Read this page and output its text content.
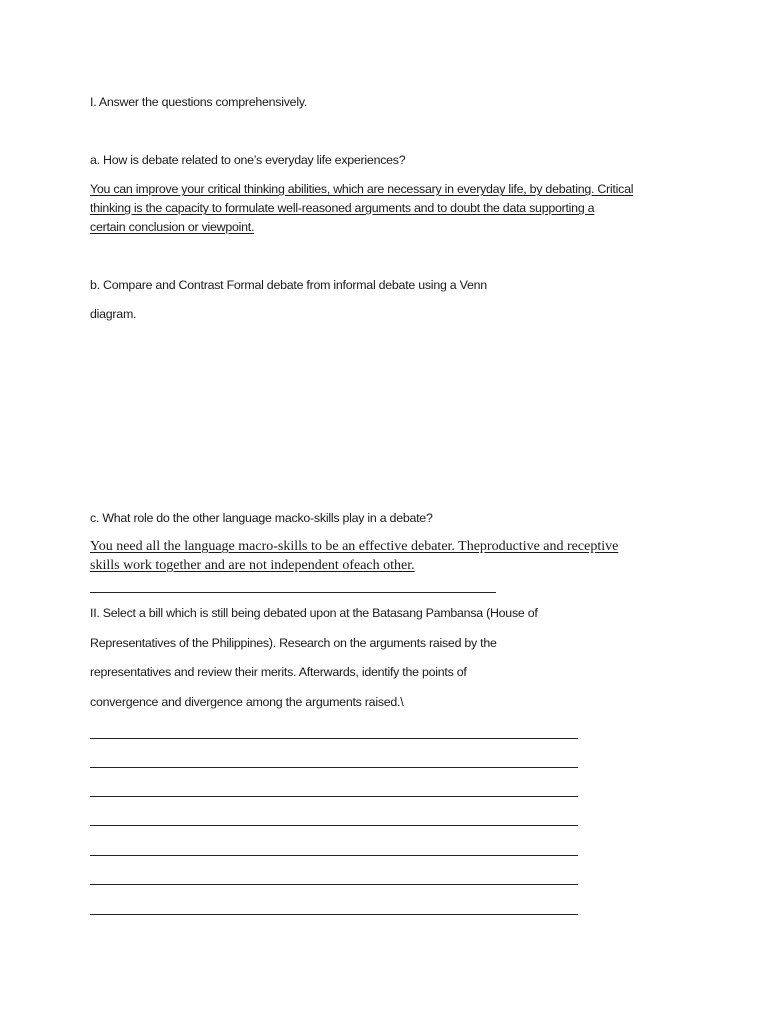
I. Answer the questions comprehensively.

a. How is debate related to one’s everyday life experiences?

You can improve your critical thinking abilities, which are necessary in everyday life, by debating. Critical

thinking is the capacity to formulate well-reasoned arguments and to doubt the data supporting a

certain conclusion or viewpoint.

b. Compare and Contrast Formal debate from informal debate using a Venn

diagram.

c. What role do the other language macko-skills play in a debate?

You need all the language macro-skills to be an effective debater. Theproductive and receptive

skills work together and are not independent ofeach other.

II. Select a bill which is still being debated upon at the Batasang Pambansa (House of

Representatives of the Philippines). Research on the arguments raised by the

representatives and review their merits. Afterwards, identify the points of

convergence and divergence among the arguments raised.\
